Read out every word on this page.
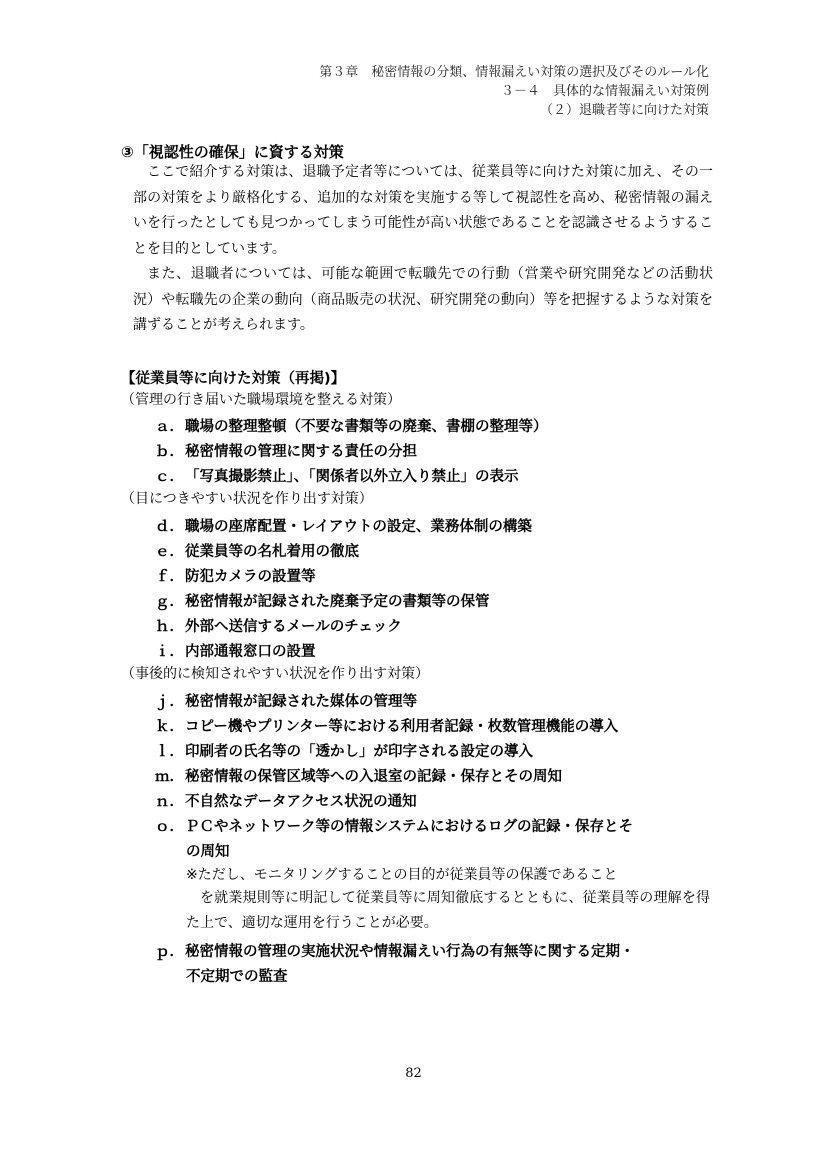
第３章　秘密情報の分類、情報漏えい対策の選択及びそのルール化
３－４　具体的な情報漏えい対策例
（２）退職者等に向けた対策
③「視認性の確保」に資する対策
ここで紹介する対策は、退職予定者等については、従業員等に向けた対策に加え、その一部の対策をより厳格化する、追加的な対策を実施する等して視認性を高め、秘密情報の漏えいを行ったとしても見つかってしまう可能性が高い状態であることを認識させるようすることを目的としています。
また、退職者については、可能な範囲で転職先での行動（営業や研究開発などの活動状況）や転職先の企業の動向（商品販売の状況、研究開発の動向）等を把握するような対策を講ずることが考えられます。
【従業員等に向けた対策（再掲)】
（管理の行き届いた職場環境を整える対策）
ａ．職場の整理整頓（不要な書類等の廃棄、書棚の整理等）
ｂ．秘密情報の管理に関する責任の分担
ｃ．「写真撮影禁止」、「関係者以外立入り禁止」の表示
（目につきやすい状況を作り出す対策）
ｄ．職場の座席配置・レイアウトの設定、業務体制の構築
ｅ．従業員等の名札着用の徹底
ｆ．防犯カメラの設置等
ｇ．秘密情報が記録された廃棄予定の書類等の保管
ｈ．外部へ送信するメールのチェック
ｉ．内部通報窓口の設置
（事後的に検知されやすい状況を作り出す対策）
ｊ．秘密情報が記録された媒体の管理等
ｋ．コピー機やプリンター等における利用者記録・枚数管理機能の導入
ｌ．印刷者の氏名等の「透かし」が印字される設定の導入
ｍ．秘密情報の保管区域等への入退室の記録・保存とその周知
ｎ．不自然なデータアクセス状況の通知
ｏ．ＰＣやネットワーク等の情報システムにおけるログの記録・保存とそ
の周知
※ただし、モニタリングすることの目的が従業員等の保護であること
を就業規則等に明記して従業員等に周知徹底するとともに、従業員等の理解を得た上で、適切な運用を行うことが必要。
ｐ．秘密情報の管理の実施状況や情報漏えい行為の有無等に関する定期・
不定期での監査
82
